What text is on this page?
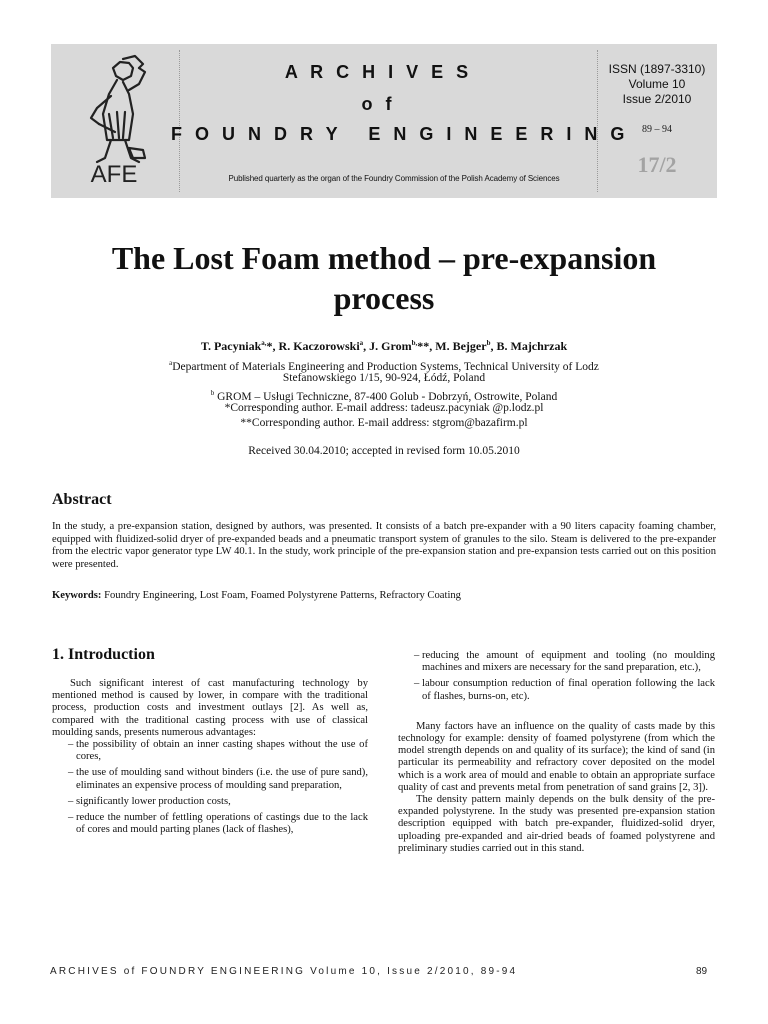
AFE
A R C H I V E S
o f
F O U N D R Y   E N G I N E E R I N G
Published quarterly as the organ of the Foundry Commission of the Polish Academy of Sciences
ISSN (1897-3310)
Volume 10
Issue 2/2010
89 – 94
17/2
The Lost Foam method – pre-expansion
process
T. Pacyniak$^{a,}$*, R. Kaczorowski$^a$, J. Grom$^{b,}$**, M. Bejger$^b$, B. Majchrzak
$^a$Department of Materials Engineering and Production Systems, Technical University of Lodz
Stefanowskiego 1/15, 90-924, Łódź, Poland
$^b$ GROM – Usługi Techniczne, 87-400 Golub - Dobrzyń, Ostrowite, Poland
*Corresponding author. E-mail address: tadeusz.pacyniak @p.lodz.pl
**Corresponding author. E-mail address: stgrom@bazafirm.pl
Received 30.04.2010; accepted in revised form 10.05.2010
Abstract
In the study, a pre-expansion station, designed by authors, was presented. It consists of a batch pre-expander with a 90 liters capacity foaming chamber, equipped with fluidized-solid dryer of pre-expanded beads and a pneumatic transport system of granules to the silo. Steam is delivered to the pre-expander from the electric vapor generator type LW 40.1. In the study, work principle of the pre-expansion station and pre-expansion tests carried out on this position were presented.
Keywords: Foundry Engineering, Lost Foam, Foamed Polystyrene Patterns, Refractory Coating
1. Introduction

Such significant interest of cast manufacturing technology by mentioned method is caused by lower, in compare with the traditional process, production costs and investment outlays [2]. As well as, compared with the traditional casting process with use of classical moulding sands, presents numerous advantages:

– the possibility of obtain an inner casting shapes without the use of cores,
– the use of moulding sand without binders (i.e. the use of pure sand), eliminates an expensive process of moulding sand preparation,
– significantly lower production costs,
– reduce the number of fettling operations of castings due to the lack of cores and mould parting planes (lack of flashes),
– reducing the amount of equipment and tooling (no moulding machines and mixers are necessary for the sand preparation, etc.),
– labour consumption reduction of final operation following the lack of flashes, burns-on, etc).

Many factors have an influence on the quality of casts made by this technology for example: density of foamed polystyrene (from which the model strength depends on and quality of its surface); the kind of sand (in particular its permeability and refractory cover deposited on the model which is a work area of mould and enable to obtain an appropriate surface quality of cast and prevents metal from penetration of sand grains [2, 3]).

The density pattern mainly depends on the bulk density of the pre-expanded polystyrene. In the study was presented pre-expansion station description equipped with batch pre-expander, fluidized-solid dryer, uploading pre-expanded and air-dried beads of foamed polystyrene and preliminary studies carried out in this stand.

ARCHIVES of FOUNDRY ENGINEERING Volume 10, Issue 2/2010, 89-94	89
